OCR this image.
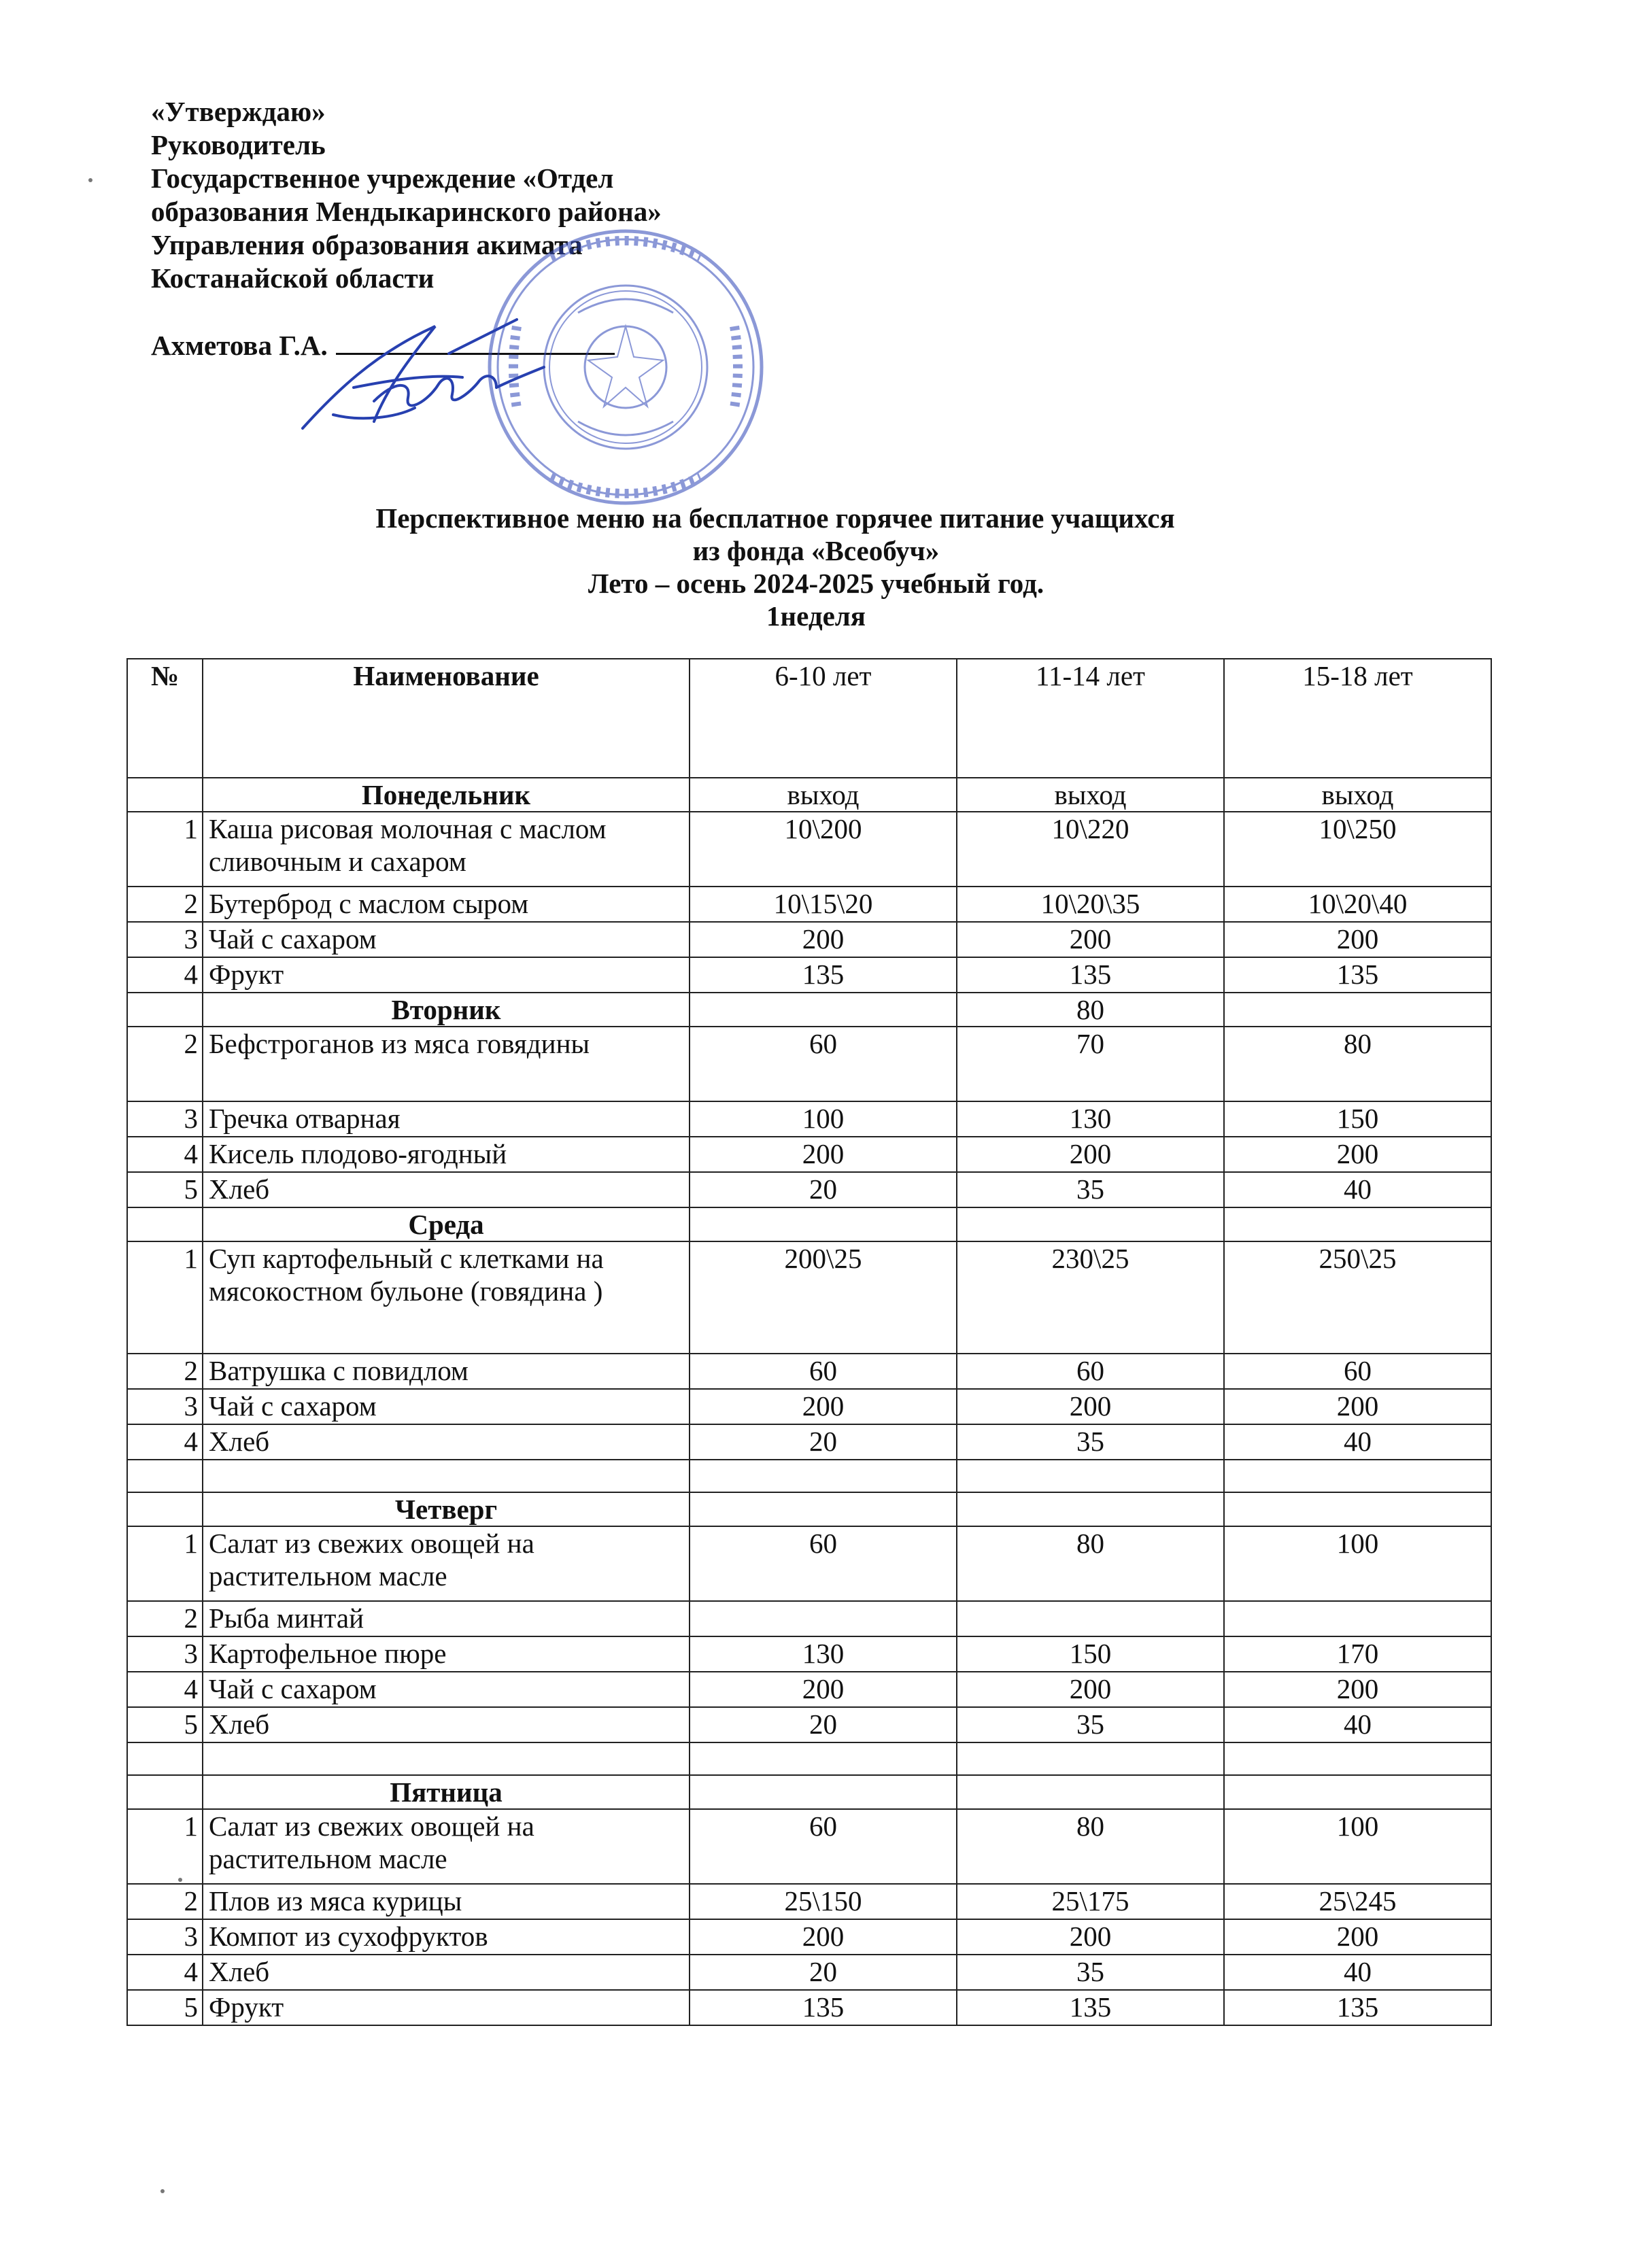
«Утверждаю»
Руководитель
Государственное учреждение «Отдел
образования Мендыкаринского района»
Управления образования акимата
Костанайской области
Ахметова Г.А.
Перспективное меню на бесплатное горячее питание учащихся
из фонда «Всеобуч»
Лето – осень 2024-2025 учебный год.
1неделя
№	Наименование	6-10 лет	11-14 лет	15-18 лет
	Понедельник	выход	выход	выход
1	Каша рисовая молочная с маслом сливочным и сахаром	10\200	10\220	10\250
2	Бутерброд с маслом сыром	10\15\20	10\20\35	10\20\40
3	Чай с сахаром	200	200	200
4	Фрукт	135	135	135
	Вторник		80	
2	Бефстроганов из мяса говядины	60	70	80
3	Гречка отварная	100	130	150
4	Кисель плодово-ягодный	200	200	200
5	Хлеб	20	35	40
	Среда			
1	Суп картофельный с клетками на мясокостном бульоне (говядина )	200\25	230\25	250\25
2	Ватрушка с повидлом	60	60	60
3	Чай с сахаром	200	200	200
4	Хлеб	20	35	40

	Четверг			
1	Салат из свежих овощей на растительном масле	60	80	100
2	Рыба минтай			
3	Картофельное пюре	130	150	170
4	Чай с сахаром	200	200	200
5	Хлеб	20	35	40

	Пятница			
1	Салат из свежих овощей на растительном масле	60	80	100
2	Плов из мяса курицы	25\150	25\175	25\245
3	Компот из сухофруктов	200	200	200
4	Хлеб	20	35	40
5	Фрукт	135	135	135
